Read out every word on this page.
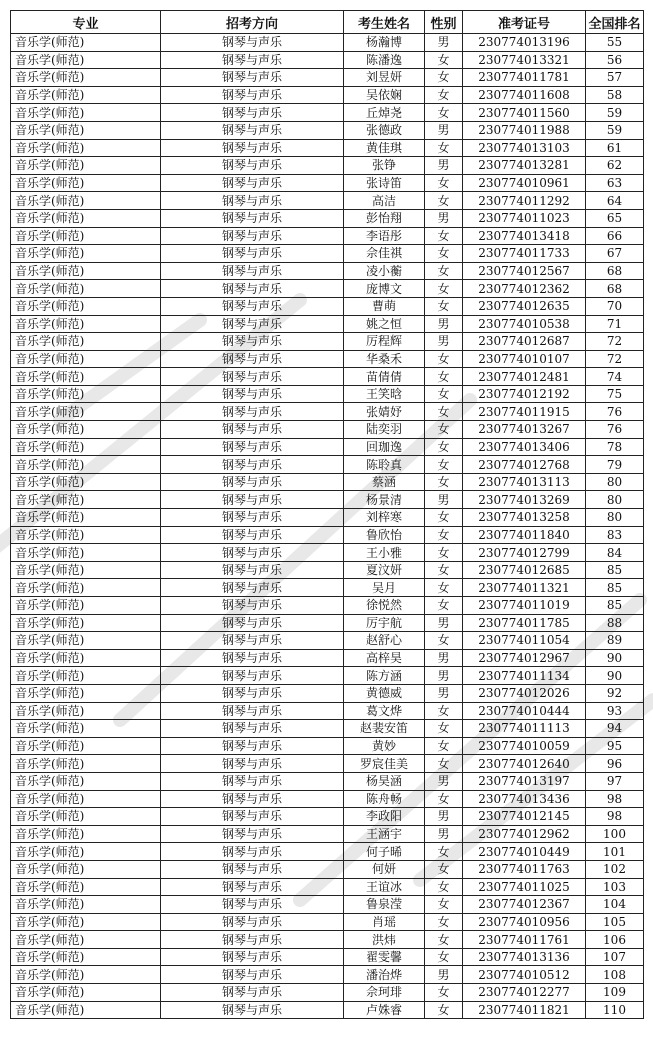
专业	招考方向	考生姓名	性别	准考证号	全国排名
音乐学(师范)	钢琴与声乐	杨瀚博	男	230774013196	55
音乐学(师范)	钢琴与声乐	陈潘逸	女	230774013321	56
音乐学(师范)	钢琴与声乐	刘昱妍	女	230774011781	57
音乐学(师范)	钢琴与声乐	吴依娴	女	230774011608	58
音乐学(师范)	钢琴与声乐	丘焯尧	女	230774011560	59
音乐学(师范)	钢琴与声乐	张德政	男	230774011988	59
音乐学(师范)	钢琴与声乐	黄佳琪	女	230774013103	61
音乐学(师范)	钢琴与声乐	张铮	男	230774013281	62
音乐学(师范)	钢琴与声乐	张诗笛	女	230774010961	63
音乐学(师范)	钢琴与声乐	高洁	女	230774011292	64
音乐学(师范)	钢琴与声乐	彭怡翔	男	230774011023	65
音乐学(师范)	钢琴与声乐	李语彤	女	230774013418	66
音乐学(师范)	钢琴与声乐	佘佳祺	女	230774011733	67
音乐学(师范)	钢琴与声乐	凌小蘅	女	230774012567	68
音乐学(师范)	钢琴与声乐	庞博文	女	230774012362	68
音乐学(师范)	钢琴与声乐	曹萌	女	230774012635	70
音乐学(师范)	钢琴与声乐	姚之恒	男	230774010538	71
音乐学(师范)	钢琴与声乐	厉程辉	男	230774012687	72
音乐学(师范)	钢琴与声乐	华桑禾	女	230774010107	72
音乐学(师范)	钢琴与声乐	苗倩倩	女	230774012481	74
音乐学(师范)	钢琴与声乐	王笑晗	女	230774012192	75
音乐学(师范)	钢琴与声乐	张婧妤	女	230774011915	76
音乐学(师范)	钢琴与声乐	陆奕羽	女	230774013267	76
音乐学(师范)	钢琴与声乐	回珈逸	女	230774013406	78
音乐学(师范)	钢琴与声乐	陈聆真	女	230774012768	79
音乐学(师范)	钢琴与声乐	蔡涵	女	230774013113	80
音乐学(师范)	钢琴与声乐	杨景清	男	230774013269	80
音乐学(师范)	钢琴与声乐	刘梓寒	女	230774013258	80
音乐学(师范)	钢琴与声乐	鲁欣怡	女	230774011840	83
音乐学(师范)	钢琴与声乐	王小雅	女	230774012799	84
音乐学(师范)	钢琴与声乐	夏汶妍	女	230774012685	85
音乐学(师范)	钢琴与声乐	吴月	女	230774011321	85
音乐学(师范)	钢琴与声乐	徐悦然	女	230774011019	85
音乐学(师范)	钢琴与声乐	厉宇航	男	230774011785	88
音乐学(师范)	钢琴与声乐	赵舒心	女	230774011054	89
音乐学(师范)	钢琴与声乐	高梓昊	男	230774012967	90
音乐学(师范)	钢琴与声乐	陈方涵	男	230774011134	90
音乐学(师范)	钢琴与声乐	黄德威	男	230774012026	92
音乐学(师范)	钢琴与声乐	葛文烨	女	230774010444	93
音乐学(师范)	钢琴与声乐	赵裴安笛	女	230774011113	94
音乐学(师范)	钢琴与声乐	黄妙	女	230774010059	95
音乐学(师范)	钢琴与声乐	罗宸佳美	女	230774012640	96
音乐学(师范)	钢琴与声乐	杨昊涵	男	230774013197	97
音乐学(师范)	钢琴与声乐	陈舟畅	女	230774013436	98
音乐学(师范)	钢琴与声乐	李政阳	男	230774012145	98
音乐学(师范)	钢琴与声乐	王涵宇	男	230774012962	100
音乐学(师范)	钢琴与声乐	何子晞	女	230774010449	101
音乐学(师范)	钢琴与声乐	何妍	女	230774011763	102
音乐学(师范)	钢琴与声乐	王谊冰	女	230774011025	103
音乐学(师范)	钢琴与声乐	鲁泉滢	女	230774012367	104
音乐学(师范)	钢琴与声乐	肖瑶	女	230774010956	105
音乐学(师范)	钢琴与声乐	洪炜	女	230774011761	106
音乐学(师范)	钢琴与声乐	翟雯馨	女	230774013136	107
音乐学(师范)	钢琴与声乐	潘治烨	男	230774010512	108
音乐学(师范)	钢琴与声乐	佘珂琲	女	230774012277	109
音乐学(师范)	钢琴与声乐	卢姝睿	女	230774011821	110
